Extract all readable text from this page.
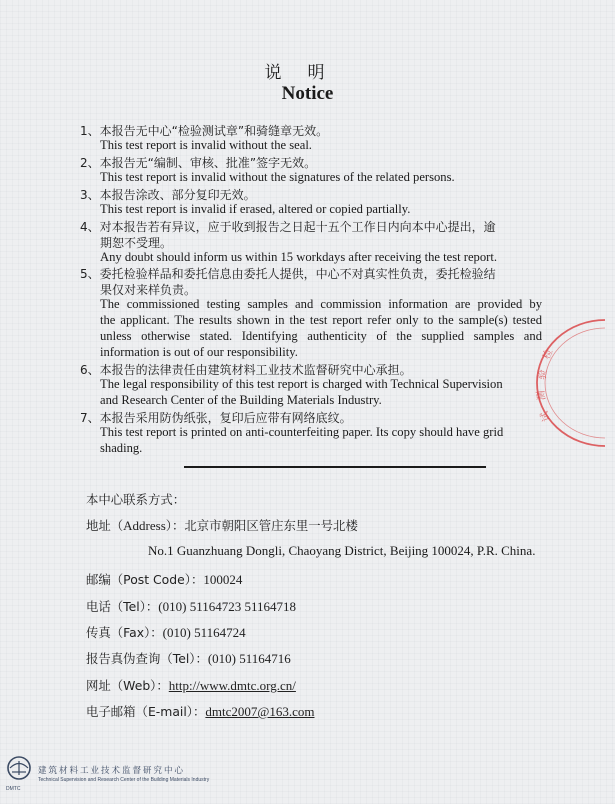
说明
Notice
1、本报告无中心“检验测试章”和骑缝章无效。
This test report is invalid without the seal.
2、本报告无“编制、审核、批准”签字无效。
This test report is invalid without the signatures of the related persons.
3、本报告涂改、部分复印无效。
This test report is invalid if erased, altered or copied partially.
4、对本报告若有异议，应于收到报告之日起十五个工作日内向本中心提出，逾
期恕不受理。
Any doubt should inform us within 15 workdays after receiving the test report.
5、委托检验样品和委托信息由委托人提供，中心不对真实性负责，委托检验结
果仅对来样负责。
The commissioned testing samples and commission information are provided by
the applicant. The results shown in the test report refer only to the sample(s) tested
unless otherwise stated. Identifying authenticity of the supplied samples and
information is out of our responsibility.
6、本报告的法律责任由建筑材料工业技术监督研究中心承担。
The legal responsibility of this test report is charged with Technical Supervision
and Research Center of the Building Materials Industry.
7、本报告采用防伪纸张，复印后应带有网络底纹。
This test report is printed on anti-counterfeiting paper. Its copy should have grid
shading.
本中心联系方式：
地址（Address）：北京市朝阳区管庄东里一号北楼
No.1 Guanzhuang Dongli, Chaoyang District, Beijing 100024, P.R. China.
邮编（Post Code）：100024
电话（Tel）：(010) 51164723 51164718
传真（Fax）：(010) 51164724
报告真伪查询（Tel）：(010) 51164716
网址（Web）：http://www.dmtc.org.cn/
电子邮箱（E-mail）：dmtc2007@163.com
检
验
测
试
DMTC
建筑材料工业技术监督研究中心
Technical Supervision and Research Center of the Building Materials Industry
